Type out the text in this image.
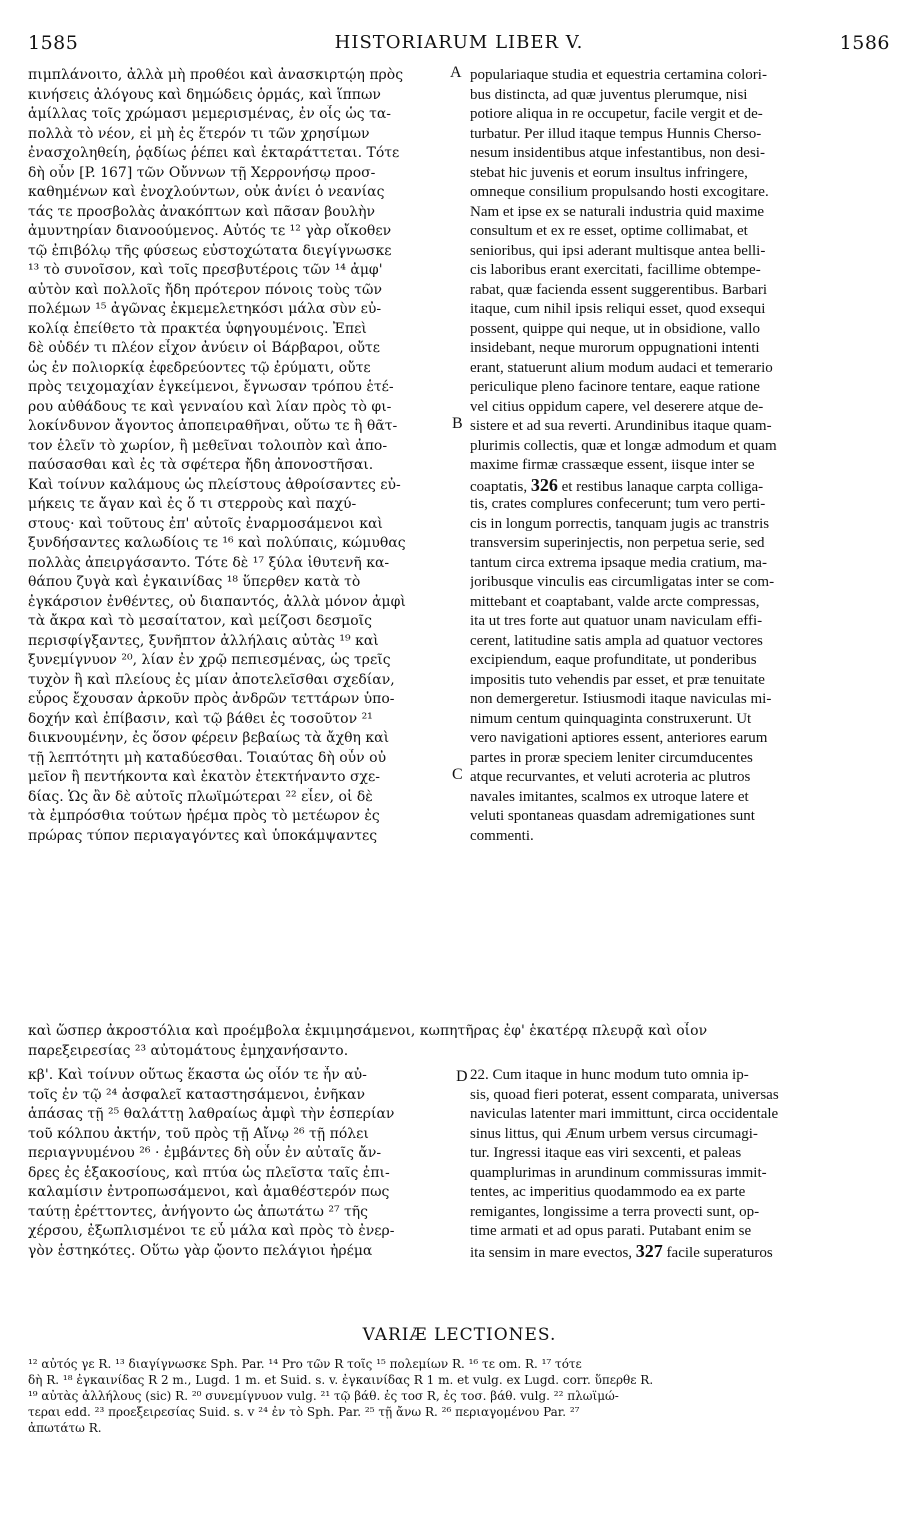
1585	HISTORIARUM LIBER V.	1586
A
B
C
D
πιμπλάνοιτο, ἀλλὰ μὴ προθέοι καὶ ἀνασκιρτῴη πρὸς
κινήσεις ἀλόγους καὶ δημώδεις ὁρμάς, καὶ ἵππων
ἁμίλλας τοῖς χρώμασι μεμερισμένας, ἐν οἷς ὡς τα-
πολλὰ τὸ νέον, εἰ μὴ ἐς ἕτερόν τι τῶν χρησίμων
ἐνασχοληθείη, ῥᾳδίως ῥέπει καὶ ἐκταράττεται. Τότε
δὴ οὖν [P. 167] τῶν Οὔννων τῇ Χερρονήσῳ προσ-
καθημένων καὶ ἐνοχλούντων, οὐκ ἀνίει ὁ νεανίας
τάς τε προσβολὰς ἀνακόπτων καὶ πᾶσαν βουλὴν
ἀμυντηρίαν διανοούμενος. Αὐτός τε ¹² γὰρ οἴκοθεν
τῷ ἐπιβόλῳ τῆς φύσεως εὐστοχώτατα διεγίγνωσκε
¹³ τὸ συνοῖσον, καὶ τοῖς πρεσβυτέροις τῶν ¹⁴ ἀμφ'
αὐτὸν καὶ πολλοῖς ἤδη πρότερον πόνοις τοὺς τῶν
πολέμων ¹⁵ ἀγῶνας ἐκμεμελετηκόσι μάλα σὺν εὐ-
κολίᾳ ἐπείθετο τὰ πρακτέα ὑφηγουμένοις. Ἐπεὶ
δὲ οὐδέν τι πλέον εἶχον ἀνύειν οἱ Βάρβαροι, οὔτε
ὡς ἐν πολιορκίᾳ ἐφεδρεύοντες τῷ ἐρύματι, οὔτε
πρὸς τειχομαχίαν ἐγκείμενοι, ἔγνωσαν τρόπου ἑτέ-
ρου αὐθάδους τε καὶ γενναίου καὶ λίαν πρὸς τὸ φι-
λοκίνδυνον ἄγοντος ἀποπειραθῆναι, οὕτω τε ἢ θᾶτ-
τον ἑλεῖν τὸ χωρίον, ἢ μεθεῖναι τολοιπὸν καὶ ἀπο-
παύσασθαι καὶ ἐς τὰ σφέτερα ἤδη ἀπονοστῆσαι.
Καὶ τοίνυν καλάμους ὡς πλείστους ἀθροίσαντες εὐ-
μήκεις τε ἄγαν καὶ ἐς ὅ τι στερροὺς καὶ παχύ-
στους· καὶ τοῦτους ἐπ' αὐτοῖς ἐναρμοσάμενοι καὶ
ξυνδήσαντες καλωδίοις τε ¹⁶ καὶ πολύπαις, κώμυθας
πολλὰς ἀπειργάσαντο. Τότε δὲ ¹⁷ ξύλα ἰθυτενῆ κα-
θάπου ζυγὰ καὶ ἐγκαινίδας ¹⁸ ὕπερθεν κατὰ τὸ
ἐγκάρσιον ἐνθέντες, οὐ διαπαντός, ἀλλὰ μόνον ἀμφὶ
τὰ ἄκρα καὶ τὸ μεσαίτατον, καὶ μείζοσι δεσμοῖς
περισφίγξαντες, ξυνῆπτον ἀλλήλαις αὐτὰς ¹⁹ καὶ
ξυνεμίγνυον ²⁰, λίαν ἐν χρῷ πεπιεσμένας, ὡς τρεῖς
τυχὸν ἢ καὶ πλείους ἐς μίαν ἀποτελεῖσθαι σχεδίαν,
εὖρος ἔχουσαν ἀρκοῦν πρὸς ἀνδρῶν τεττάρων ὑπο-
δοχήν καὶ ἐπίβασιν, καὶ τῷ βάθει ἐς τοσοῦτον ²¹
διικνουμένην, ἐς ὅσον φέρειν βεβαίως τὰ ἄχθη καὶ
τῇ λεπτότητι μὴ καταδύεσθαι. Τοιαύτας δὴ οὖν οὐ
μεῖον ἢ πεντήκοντα καὶ ἑκατὸν ἐτεκτήναντο σχε-
δίας. Ὡς ἂν δὲ αὐτοῖς πλωϊμώτεραι ²² εἶεν, οἱ δὲ
τὰ ἐμπρόσθια τούτων ἠρέμα πρὸς τὸ μετέωρον ἐς
πρώρας τύπον περιαγαγόντες καὶ ὑποκάμψαντες
populariaque studia et equestria certamina colori-
bus distincta, ad quæ juventus plerumque, nisi
potiore aliqua in re occupetur, facile vergit et de-
turbatur. Per illud itaque tempus Hunnis Cherso-
nesum insidentibus atque infestantibus, non desi-
stebat hic juvenis et eorum insultus infringere,
omneque consilium propulsando hosti excogitare.
Nam et ipse ex se naturali industria quid maxime
consultum et ex re esset, optime collimabat, et
senioribus, qui ipsi aderant multisque antea belli-
cis laboribus erant exercitati, facillime obtempe-
rabat, quæ facienda essent suggerentibus. Barbari
itaque, cum nihil ipsis reliqui esset, quod exsequi
possent, quippe qui neque, ut in obsidione, vallo
insidebant, neque murorum oppugnationi intenti
erant, statuerunt alium modum audaci et temerario
periculique pleno facinore tentare, eaque ratione
vel citius oppidum capere, vel deserere atque de-
sistere et ad sua reverti. Arundinibus itaque quam-
plurimis collectis, quæ et longæ admodum et quam
maxime firmæ crassæque essent, iisque inter se
coaptatis, 326 et restibus lanaque carpta colliga-
tis, crates complures confecerunt; tum vero perti-
cis in longum porrectis, tanquam jugis ac transtris
transversim superinjectis, non perpetua serie, sed
tantum circa extrema ipsaque media cratium, ma-
joribusque vinculis eas circumligatas inter se com-
mittebant et coaptabant, valde arcte compressas,
ita ut tres forte aut quatuor unam naviculam effi-
cerent, latitudine satis ampla ad quatuor vectores
excipiendum, eaque profunditate, ut ponderibus
impositis tuto vehendis par esset, et præ tenuitate
non demergeretur. Istiusmodi itaque naviculas mi-
nimum centum quinquaginta construxerunt. Ut
vero navigationi aptiores essent, anteriores earum
partes in proræ speciem leniter circumducentes
atque recurvantes, et veluti acroteria ac plutros
navales imitantes, scalmos ex utroque latere et
veluti spontaneas quasdam adremigationes sunt
commenti.
καὶ ὥσπερ ἀκροστόλια καὶ προέμβολα ἐκμιμησάμενοι, κωπητῆρας ἐφ' ἑκατέρᾳ πλευρᾷ καὶ οἷον
παρεξειρεσίας ²³ αὐτομάτους ἐμηχανήσαντο.
κβ'. Καὶ τοίνυν οὕτως ἕκαστα ὡς οἷόν τε ἦν αὐ-
τοῖς ἐν τῷ ²⁴ ἀσφαλεῖ καταστησάμενοι, ἐνῆκαν
ἁπάσας τῇ ²⁵ θαλάττῃ λαθραίως ἀμφὶ τὴν ἑσπερίαν
τοῦ κόλπου ἀκτήν, τοῦ πρὸς τῇ Αἴνῳ ²⁶ τῇ πόλει
περιαγνυμένου ²⁶ · ἐμβάντες δὴ οὖν ἐν αὐταῖς ἄν-
δρες ἐς ἑξακοσίους, καὶ πτύα ὡς πλεῖστα ταῖς ἐπι-
καλαμίσιν ἐντροπωσάμενοι, καὶ ἀμαθέστερόν πως
ταύτῃ ἐρέττοντες, ἀνήγοντο ὡς ἀπωτάτω ²⁷ τῆς
χέρσου, ἐξωπλισμένοι τε εὖ μάλα καὶ πρὸς τὸ ἐνερ-
γὸν ἑστηκότες. Οὕτω γὰρ ᾤοντο πελάγιοι ἠρέμα
22. Cum itaque in hunc modum tuto omnia ip-
sis, quoad fieri poterat, essent comparata, universas
naviculas latenter mari immittunt, circa occidentale
sinus littus, qui Ænum urbem versus circumagi-
tur. Ingressi itaque eas viri sexcenti, et paleas
quamplurimas in arundinum commissuras immit-
tentes, ac imperitius quodammodo ea ex parte
remigantes, longissime a terra provecti sunt, op-
time armati et ad opus parati. Putabant enim se
ita sensim in mare evectos, 327 facile superaturos
VARIÆ LECTIONES.
¹² αὐτός γε R. ¹³ διαγίγνωσκε Sph. Par. ¹⁴ Pro τῶν R τοῖς ¹⁵ πολεμίων R. ¹⁶ τε om. R. ¹⁷ τότε
δὴ R. ¹⁸ ἐγκαινίδας R 2 m., Lugd. 1 m. et Suid. s. v. ἐγκαινίδας R 1 m. et vulg. ex Lugd. corr. ὕπερθε R.
¹⁹ αὐτὰς ἀλλήλους (sic) R. ²⁰ συνεμίγνυον vulg. ²¹ τῷ βάθ. ἐς τοσ R, ἐς τοσ. βάθ. vulg. ²² πλωϊμώ-
τεραι edd. ²³ προεξειρεσίας Suid. s. v ²⁴ ἐν τὸ Sph. Par. ²⁵ τῇ ἄνω R. ²⁶ περιαγομένου Par. ²⁷
ἀπωτάτω R.
